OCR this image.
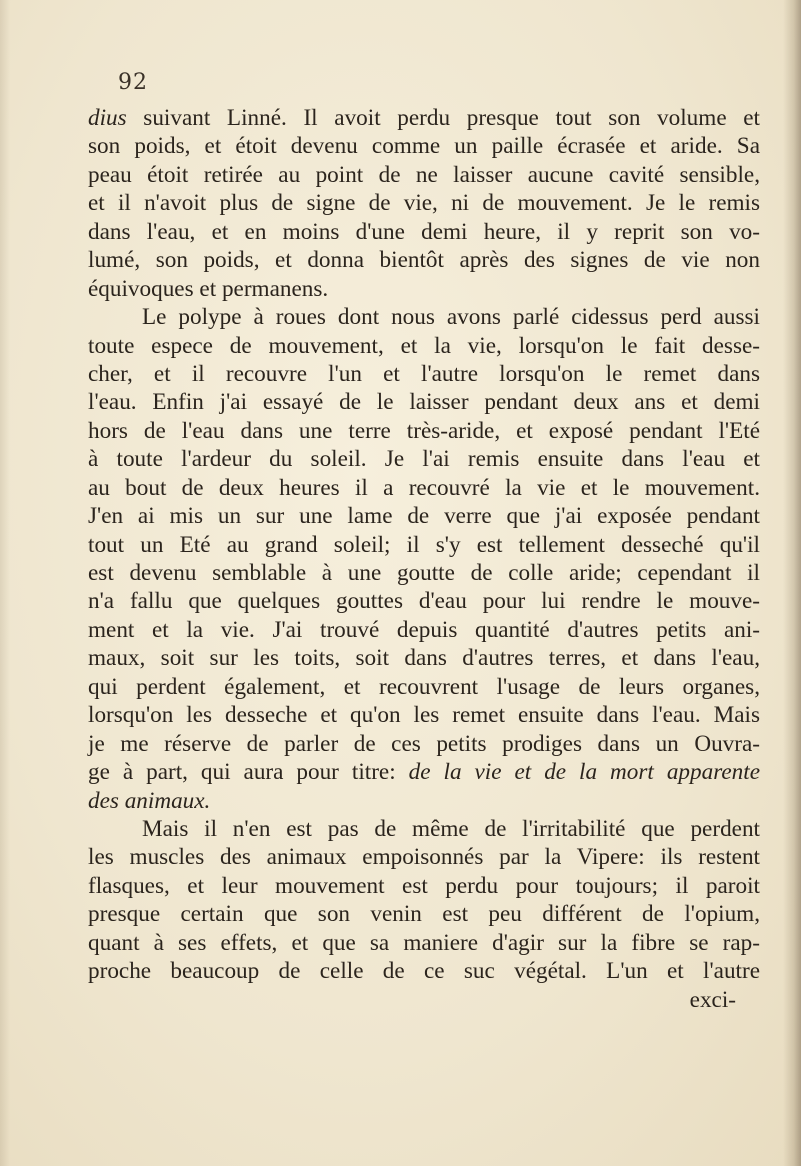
92
dius suivant Linné. Il avoit perdu presque tout son volume et
son poids, et étoit devenu comme un paille écrasée et aride. Sa
peau étoit retirée au point de ne laisser aucune cavité sensible,
et il n'avoit plus de signe de vie, ni de mouvement. Je le remis
dans l'eau, et en moins d'une demi heure, il y reprit son vo-
lumé, son poids, et donna bientôt après des signes de vie non
équivoques et permanens.
Le polype à roues dont nous avons parlé cidessus perd aussi
toute espece de mouvement, et la vie, lorsqu'on le fait desse-
cher, et il recouvre l'un et l'autre lorsqu'on le remet dans
l'eau. Enfin j'ai essayé de le laisser pendant deux ans et demi
hors de l'eau dans une terre très-aride, et exposé pendant l'Eté
à toute l'ardeur du soleil. Je l'ai remis ensuite dans l'eau et
au bout de deux heures il a recouvré la vie et le mouvement.
J'en ai mis un sur une lame de verre que j'ai exposée pendant
tout un Eté au grand soleil; il s'y est tellement desseché qu'il
est devenu semblable à une goutte de colle aride; cependant il
n'a fallu que quelques gouttes d'eau pour lui rendre le mouve-
ment et la vie. J'ai trouvé depuis quantité d'autres petits ani-
maux, soit sur les toits, soit dans d'autres terres, et dans l'eau,
qui perdent également, et recouvrent l'usage de leurs organes,
lorsqu'on les desseche et qu'on les remet ensuite dans l'eau. Mais
je me réserve de parler de ces petits prodiges dans un Ouvra-
ge à part, qui aura pour titre: de la vie et de la mort apparente
des animaux.
Mais il n'en est pas de même de l'irritabilité que perdent
les muscles des animaux empoisonnés par la Vipere: ils restent
flasques, et leur mouvement est perdu pour toujours; il paroit
presque certain que son venin est peu différent de l'opium,
quant à ses effets, et que sa maniere d'agir sur la fibre se rap-
proche beaucoup de celle de ce suc végétal. L'un et l'autre
exci-
